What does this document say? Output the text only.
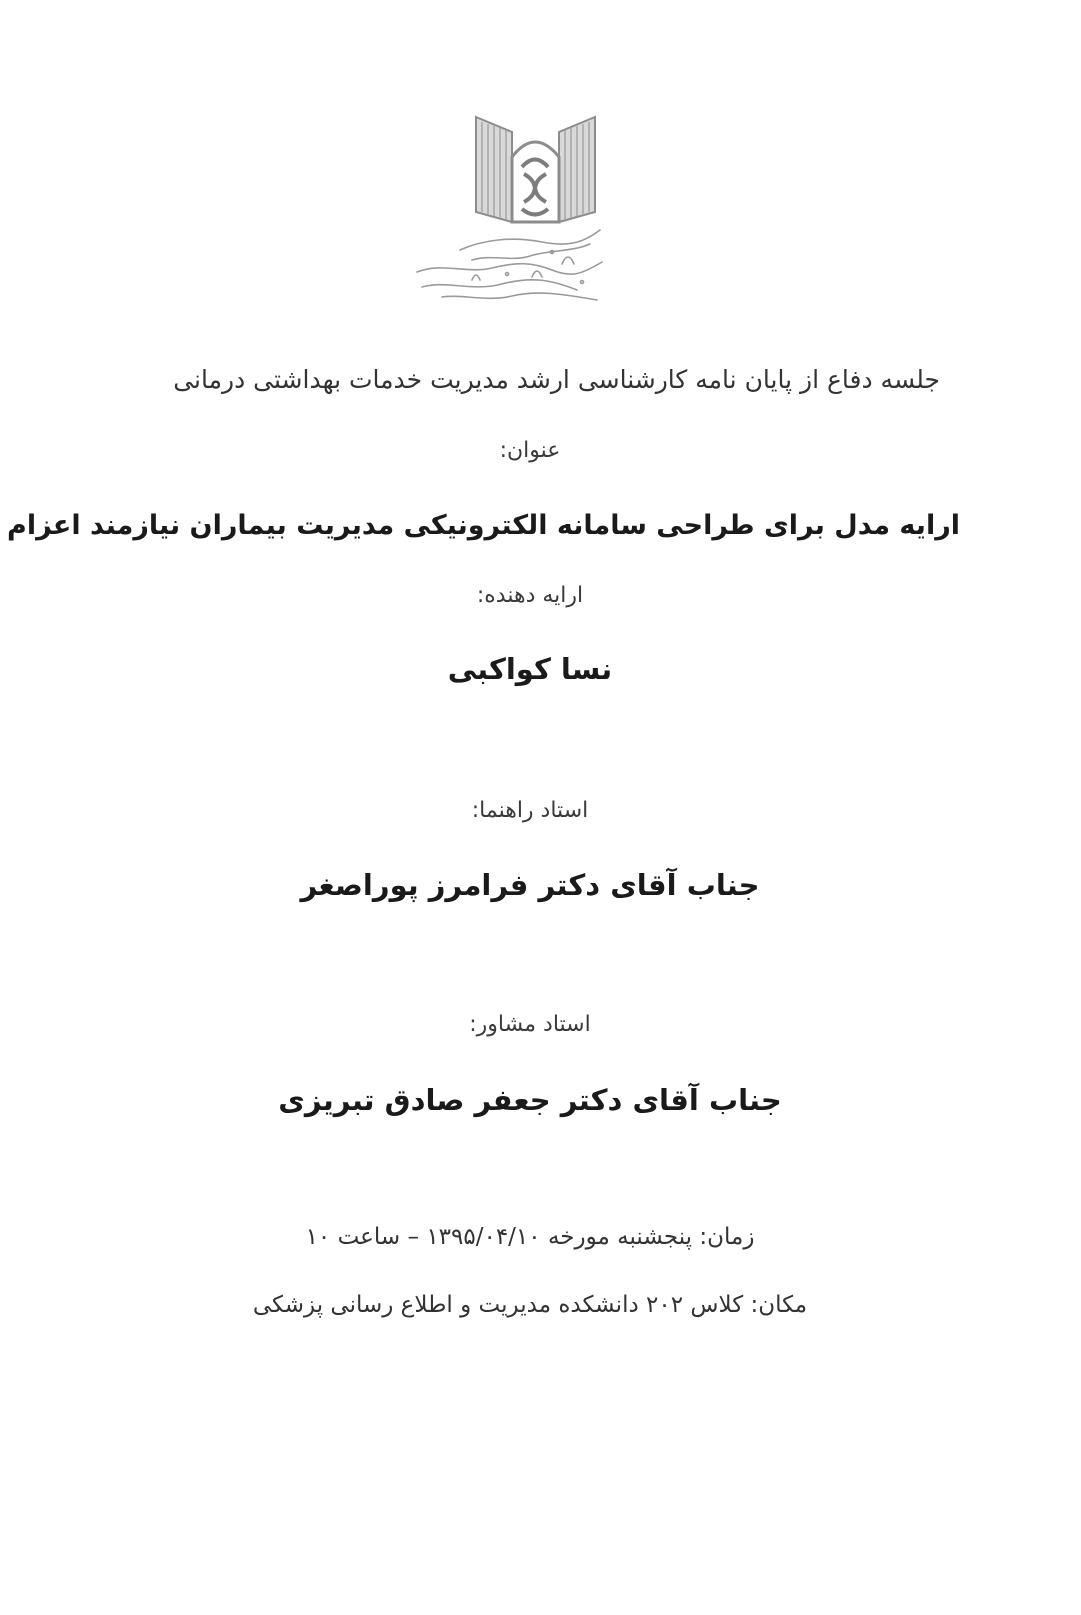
جلسه دفاع از پایان نامه کارشناسی ارشد مدیریت خدمات بهداشتی درمانی
عنوان:
ارایه مدل برای طراحی سامانه الکترونیکی مدیریت بیماران نیازمند اعزام
ارایه دهنده:
نسا کواکبی
استاد راهنما:
جناب آقای دکتر فرامرز پوراصغر
استاد مشاور:
جناب آقای دکتر جعفر صادق تبریزی
زمان: پنجشنبه مورخه ۱۳۹۵/۰۴/۱۰ – ساعت ۱۰
مکان: کلاس ۲۰۲ دانشکده مدیریت و اطلاع رسانی پزشکی
